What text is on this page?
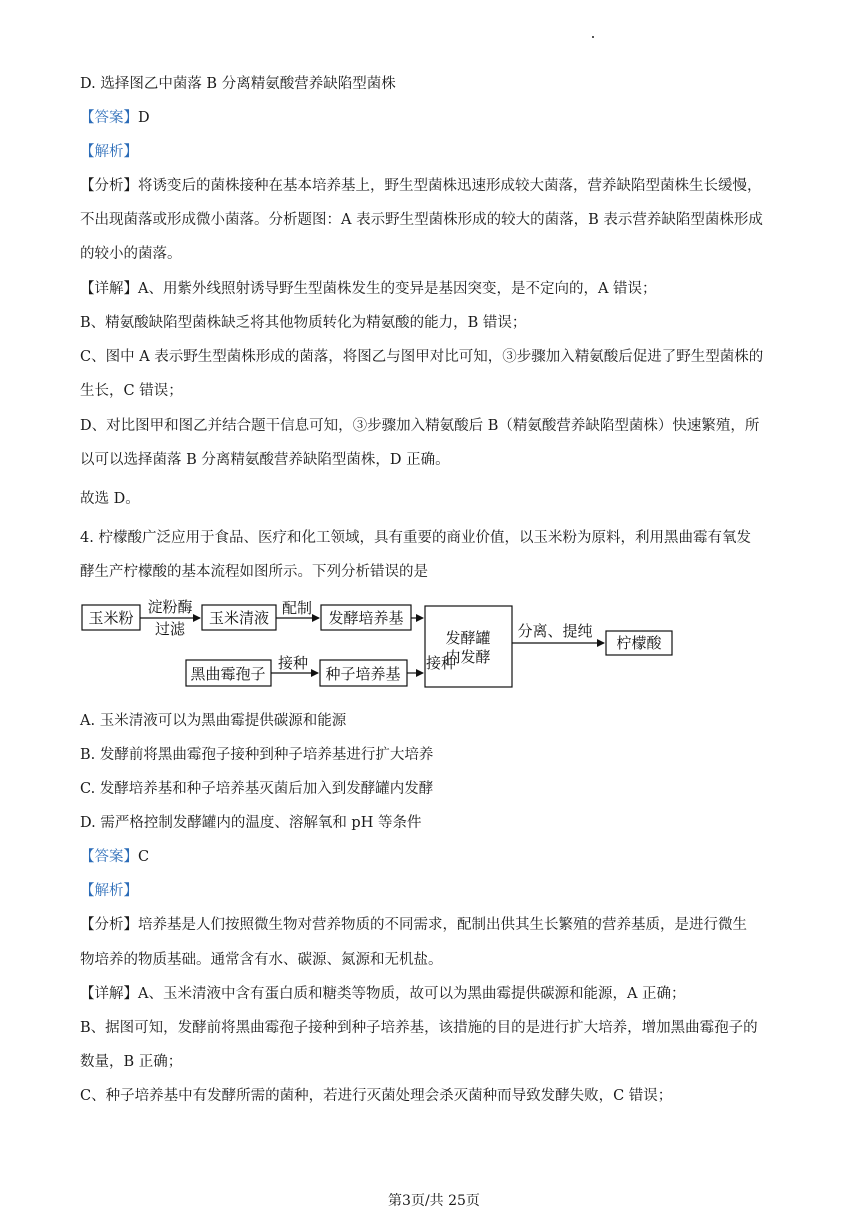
D. 选择图乙中菌落 B 分离精氨酸营养缺陷型菌株
【答案】D
【解析】
【分析】将诱变后的菌株接种在基本培养基上，野生型菌株迅速形成较大菌落，营养缺陷型菌株生长缓慢，
不出现菌落或形成微小菌落。分析题图：A 表示野生型菌株形成的较大的菌落，B 表示营养缺陷型菌株形成
的较小的菌落。
【详解】A、用紫外线照射诱导野生型菌株发生的变异是基因突变，是不定向的，A 错误；
B、精氨酸缺陷型菌株缺乏将其他物质转化为精氨酸的能力，B 错误；
C、图中 A 表示野生型菌株形成的菌落，将图乙与图甲对比可知，③步骤加入精氨酸后促进了野生型菌株的
生长，C 错误；
D、对比图甲和图乙并结合题干信息可知，③步骤加入精氨酸后 B（精氨酸营养缺陷型菌株）快速繁殖，所
以可以选择菌落 B 分离精氨酸营养缺陷型菌株，D 正确。
故选 D。
4. 柠檬酸广泛应用于食品、医疗和化工领域，具有重要的商业价值，以玉米粉为原料，利用黑曲霉有氧发
酵生产柠檬酸的基本流程如图所示。下列分析错误的是
玉米粉
淀粉酶
过滤
玉米清液
配制
发酵培养基
发酵罐
内发酵
分离、提纯
柠檬酸
黑曲霉孢子
接种
种子培养基
接种
A. 玉米清液可以为黑曲霉提供碳源和能源
B. 发酵前将黑曲霉孢子接种到种子培养基进行扩大培养
C. 发酵培养基和种子培养基灭菌后加入到发酵罐内发酵
D. 需严格控制发酵罐内的温度、溶解氧和 pH 等条件
【答案】C
【解析】
【分析】培养基是人们按照微生物对营养物质的不同需求，配制出供其生长繁殖的营养基质，是进行微生
物培养的物质基础。通常含有水、碳源、氮源和无机盐。
【详解】A、玉米清液中含有蛋白质和糖类等物质，故可以为黑曲霉提供碳源和能源，A 正确；
B、据图可知，发酵前将黑曲霉孢子接种到种子培养基，该措施的目的是进行扩大培养，增加黑曲霉孢子的
数量，B 正确；
C、种子培养基中有发酵所需的菌种，若进行灭菌处理会杀灭菌种而导致发酵失败，C 错误；
第3页/共 25页
